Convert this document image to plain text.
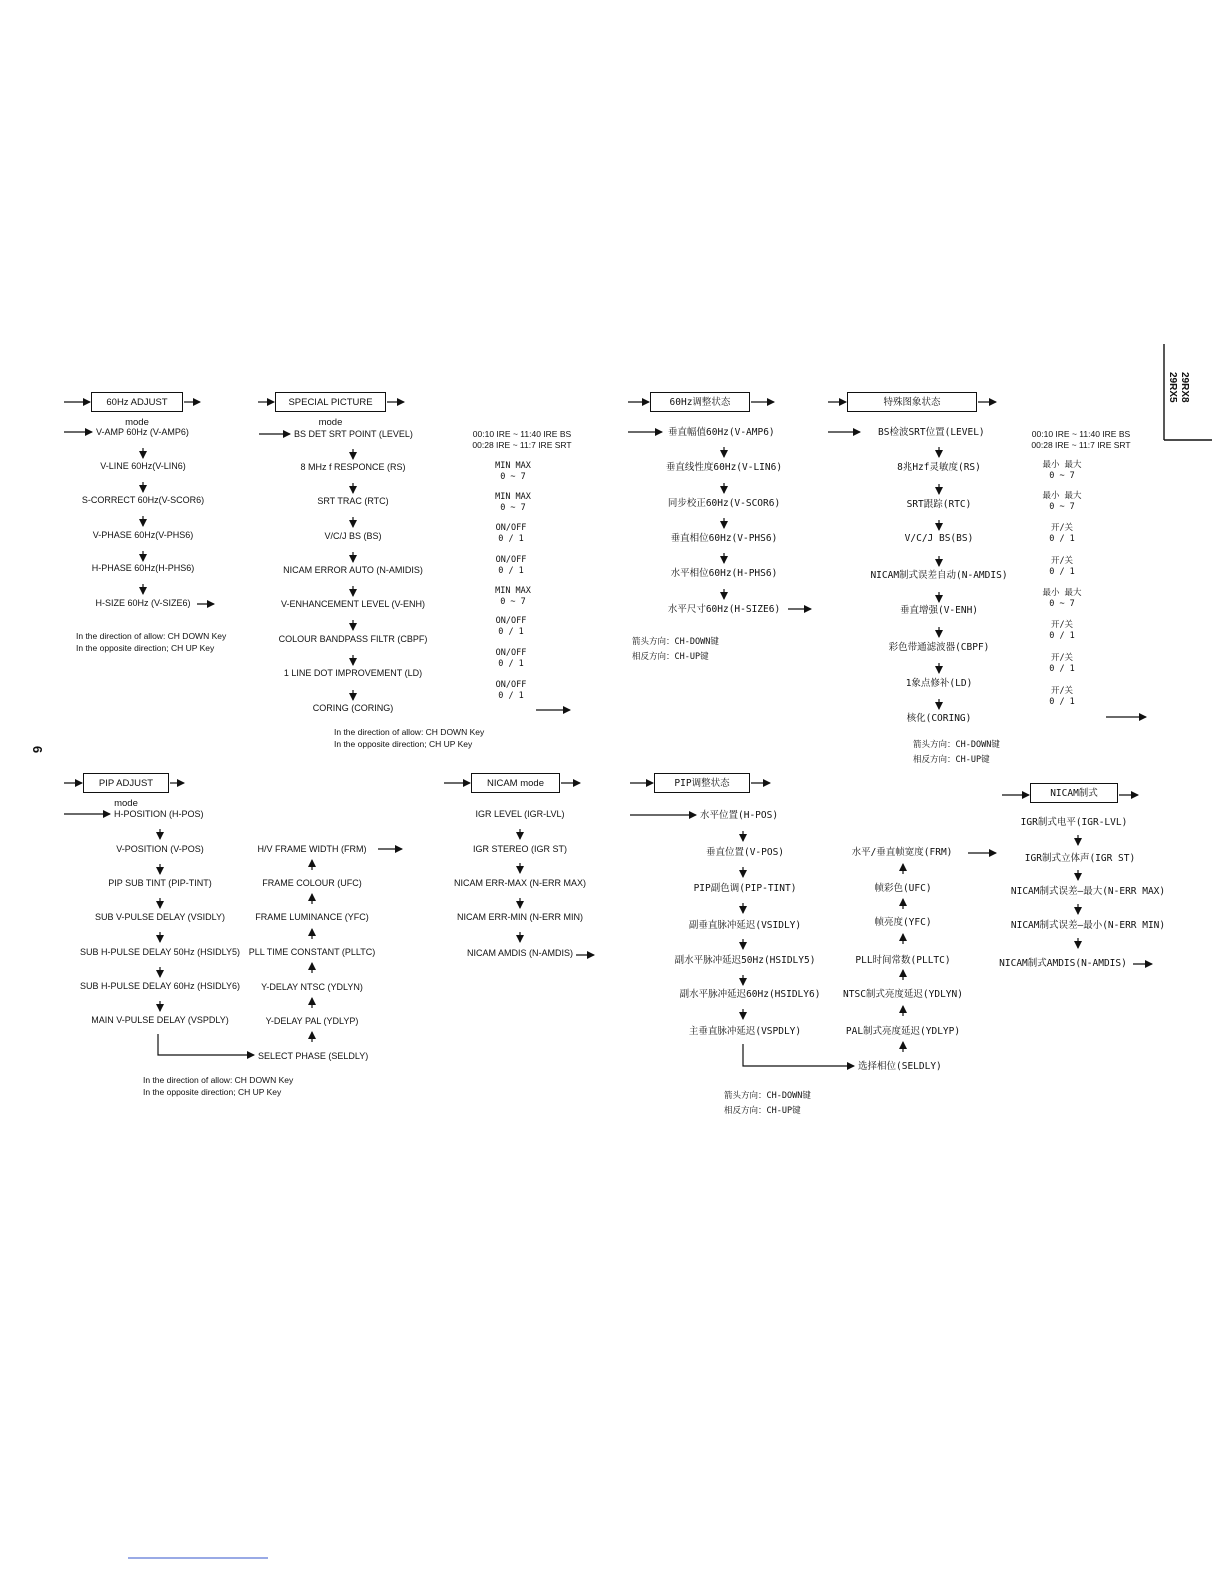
29RX5 29RX8
6
60Hz ADJUST mode
V-AMP 60Hz (V-AMP6)
V-LINE 60Hz(V-LIN6)
S-CORRECT 60Hz(V-SCOR6)
V-PHASE 60Hz(V-PHS6)
H-PHASE 60Hz(H-PHS6)
H-SIZE 60Hz (V-SIZE6)
In the direction of allow: CH DOWN Key
In the opposite direction; CH UP Key
SPECIAL PICTURE mode
BS DET SRT POINT (LEVEL)
8 MHz f RESPONCE (RS)
SRT TRAC (RTC)
V/C/J BS (BS)
NICAM ERROR AUTO (N-AMIDIS)
V-ENHANCEMENT LEVEL (V-ENH)
COLOUR BANDPASS FILTR (CBPF)
1 LINE DOT IMPROVEMENT (LD)
CORING (CORING)
00:10 IRE ~ 11:40 IRE BS
00:28 IRE ~ 11:7 IRE SRT
MIN MAX
0 ~ 7
MIN MAX
0 ~ 7
ON/OFF
0 / 1
ON/OFF
0 / 1
MIN MAX
0 ~ 7
ON/OFF
0 / 1
ON/OFF
0 / 1
ON/OFF
0 / 1
In the direction of allow: CH DOWN Key
In the opposite direction; CH UP Key
60Hz调整状态
垂直幅值60Hz(V-AMP6)
垂直线性度60Hz(V-LIN6)
同步校正60Hz(V-SCOR6)
垂直相位60Hz(V-PHS6)
水平相位60Hz(H-PHS6)
水平尺寸60Hz(H-SIZE6)
箭头方向：CH-DOWN键
相反方向：CH-UP键
特殊图象状态
BS检波SRT位置(LEVEL)
8兆Hzf灵敏度(RS)
SRT跟踪(RTC)
V/C/J BS(BS)
NICAM制式误差自动(N-AMDIS)
垂直增强(V-ENH)
彩色带通滤波器(CBPF)
1象点修补(LD)
核化(CORING)
00:10 IRE ~ 11:40 IRE BS
00:28 IRE ~ 11:7 IRE SRT
最小 最大
0 ~ 7
最小 最大
0 ~ 7
开/关
0 / 1
开/关
0 / 1
最小 最大
0 ~ 7
开/关
0 / 1
开/关
0 / 1
开/关
0 / 1
箭头方向：CH-DOWN键
相反方向：CH-UP键
PIP ADJUST mode
H-POSITION (H-POS)
V-POSITION (V-POS)
PIP SUB TINT (PIP-TINT)
SUB V-PULSE DELAY (VSIDLY)
SUB H-PULSE DELAY 50Hz (HSIDLY5)
SUB H-PULSE DELAY 60Hz (HSIDLY6)
MAIN V-PULSE DELAY (VSPDLY)
H/V FRAME WIDTH (FRM)
FRAME COLOUR (UFC)
FRAME LUMINANCE (YFC)
PLL TIME CONSTANT (PLLTC)
Y-DELAY NTSC (YDLYN)
Y-DELAY PAL (YDLYP)
SELECT PHASE (SELDLY)
In the direction of allow: CH DOWN Key
In the opposite direction; CH UP Key
NICAM mode
IGR LEVEL (IGR-LVL)
IGR STEREO (IGR ST)
NICAM ERR-MAX (N-ERR MAX)
NICAM ERR-MIN (N-ERR MIN)
NICAM AMDIS (N-AMDIS)
PIP调整状态
水平位置(H-POS)
垂直位置(V-POS)
PIP副色调(PIP-TINT)
副垂直脉冲延迟(VSIDLY)
副水平脉冲延迟50Hz(HSIDLY5)
副水平脉冲延迟60Hz(HSIDLY6)
主垂直脉冲延迟(VSPDLY)
水平/垂直帧宽度(FRM)
帧彩色(UFC)
帧亮度(YFC)
PLL时间常数(PLLTC)
NTSC制式亮度延迟(YDLYN)
PAL制式亮度延迟(YDLYP)
选择相位(SELDLY)
箭头方向：CH-DOWN键
相反方向：CH-UP键
NICAM制式
IGR制式电平(IGR-LVL)
IGR制式立体声(IGR ST)
NICAM制式误差—最大(N-ERR MAX)
NICAM制式误差—最小(N-ERR MIN)
NICAM制式AMDIS(N-AMDIS)
